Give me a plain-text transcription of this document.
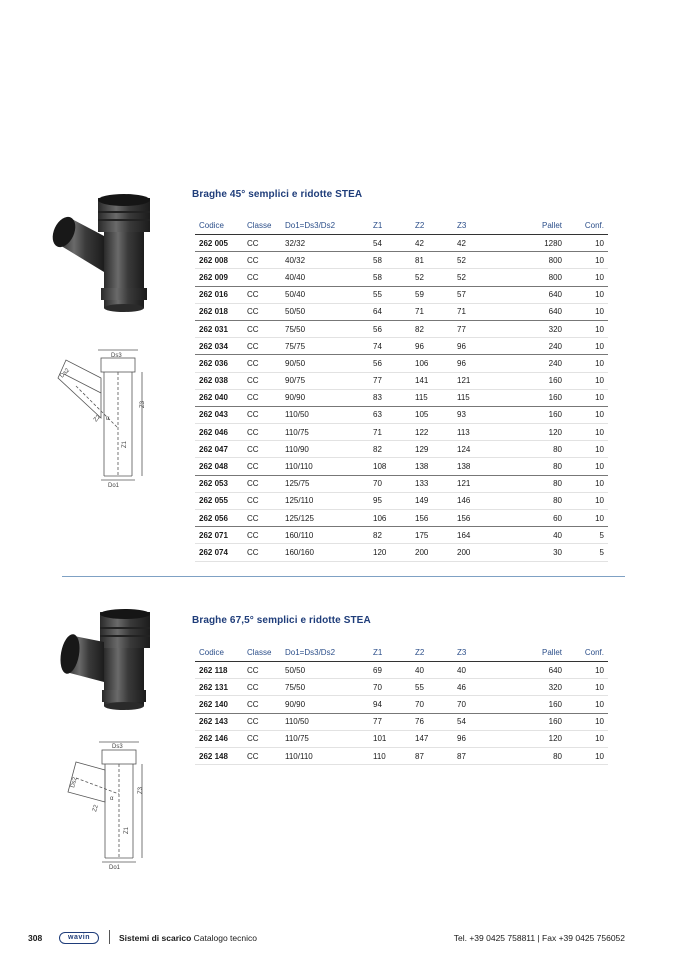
Ds3
Ds2
Z3
Z2 α
Z1
Do1
Braghe 45° semplici e ridotte STEA
Codice	Classe	Do1=Ds3/Ds2	Z1	Z2	Z3	Pallet	Conf.
262 005	CC	32/32	54	42	42	1280	10
262 008	CC	40/32	58	81	52	800	10
262 009	CC	40/40	58	52	52	800	10
262 016	CC	50/40	55	59	57	640	10
262 018	CC	50/50	64	71	71	640	10
262 031	CC	75/50	56	82	77	320	10
262 034	CC	75/75	74	96	96	240	10
262 036	CC	90/50	56	106	96	240	10
262 038	CC	90/75	77	141	121	160	10
262 040	CC	90/90	83	115	115	160	10
262 043	CC	110/50	63	105	93	160	10
262 046	CC	110/75	71	122	113	120	10
262 047	CC	110/90	82	129	124	80	10
262 048	CC	110/110	108	138	138	80	10
262 053	CC	125/75	70	133	121	80	10
262 055	CC	125/110	95	149	146	80	10
262 056	CC	125/125	106	156	156	60	10
262 071	CC	160/110	82	175	164	40	5
262 074	CC	160/160	120	200	200	30	5
Ds3
Ds2
Z3
Z2
α
Z1
Do1
Braghe 67,5° semplici e ridotte STEA
Codice	Classe	Do1=Ds3/Ds2	Z1	Z2	Z3	Pallet	Conf.
262 118	CC	50/50	69	40	40	640	10
262 131	CC	75/50	70	55	46	320	10
262 140	CC	90/90	94	70	70	160	10
262 143	CC	110/50	77	76	54	160	10
262 146	CC	110/75	101	147	96	120	10
262 148	CC	110/110	110	87	87	80	10
308	wavin	Sistemi di scarico Catalogo tecnico	Tel. +39 0425 758811 | Fax +39 0425 756052
